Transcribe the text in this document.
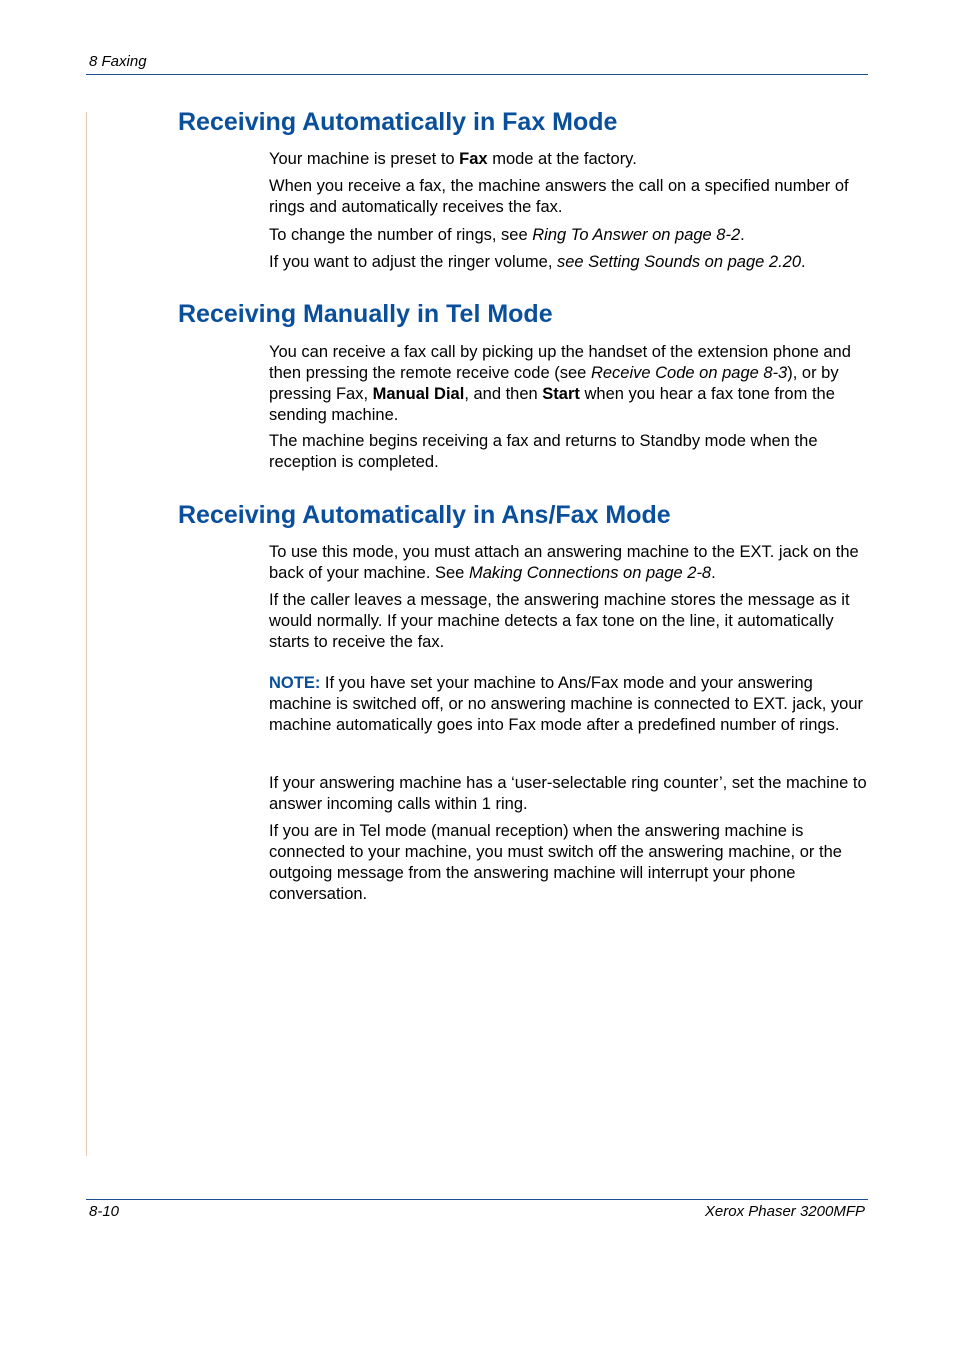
8 Faxing
Receiving Automatically in Fax Mode

Your machine is preset to Fax mode at the factory.

When you receive a fax, the machine answers the call on a specified number of rings and automatically receives the fax.

To change the number of rings, see Ring To Answer on page 8-2.

If you want to adjust the ringer volume, see Setting Sounds on page 2.20.

Receiving Manually in Tel Mode

You can receive a fax call by picking up the handset of the extension phone and then pressing the remote receive code (see Receive Code on page 8-3), or by pressing Fax, Manual Dial, and then Start when you hear a fax tone from the sending machine.

The machine begins receiving a fax and returns to Standby mode when the reception is completed.

Receiving Automatically in Ans/Fax Mode

To use this mode, you must attach an answering machine to the EXT. jack on the back of your machine. See Making Connections on page 2-8.

If the caller leaves a message, the answering machine stores the message as it would normally. If your machine detects a fax tone on the line, it automatically starts to receive the fax.

NOTE: If you have set your machine to Ans/Fax mode and your answering machine is switched off, or no answering machine is connected to EXT. jack, your machine automatically goes into Fax mode after a predefined number of rings.

If your answering machine has a ‘user-selectable ring counter’, set the machine to answer incoming calls within 1 ring.

If you are in Tel mode (manual reception) when the answering machine is connected to your machine, you must switch off the answering machine, or the outgoing message from the answering machine will interrupt your phone conversation.

8-10	Xerox Phaser 3200MFP
